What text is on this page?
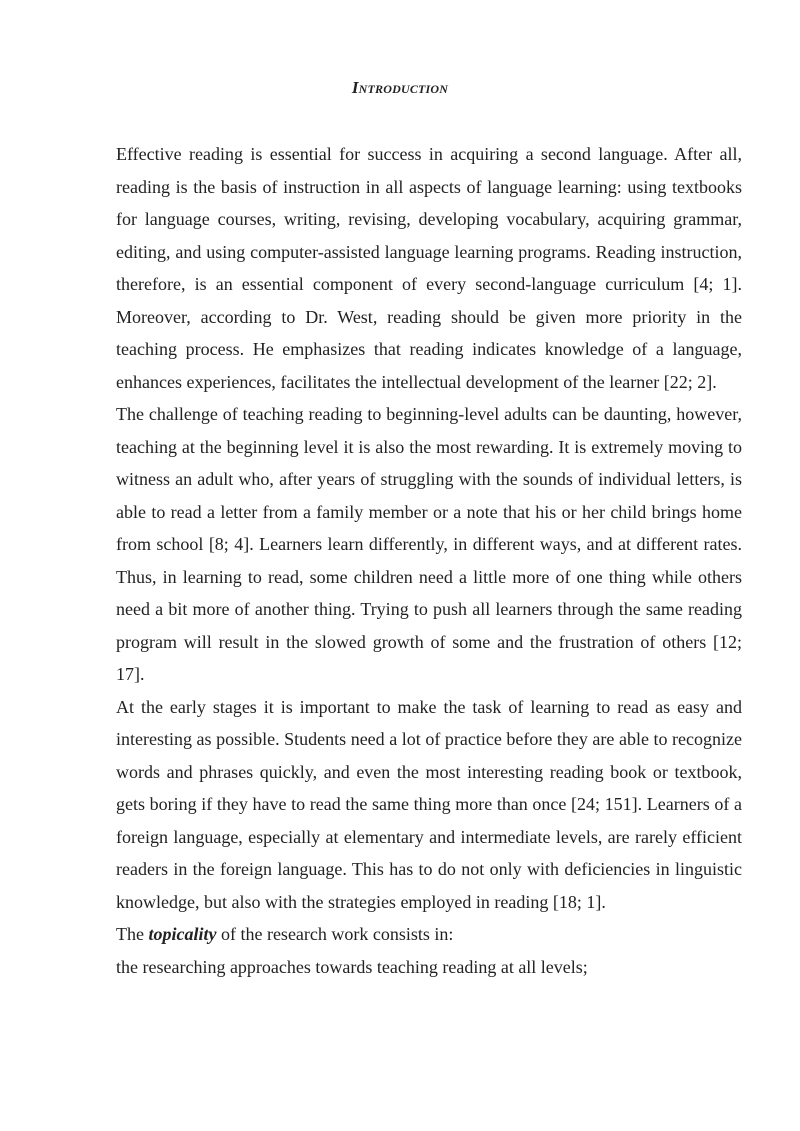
Introduction

Effective reading is essential for success in acquiring a second language. After all, reading is the basis of instruction in all aspects of language learning: using textbooks for language courses, writing, revising, developing vocabulary, acquiring grammar, editing, and using computer-assisted language learning programs. Reading instruction, therefore, is an essential component of every second-language curriculum [4; 1]. Moreover, according to Dr. West, reading should be given more priority in the teaching process. He emphasizes that reading indicates knowledge of a language, enhances experiences, facilitates the intellectual development of the learner [22; 2].

The challenge of teaching reading to beginning-level adults can be daunting, however, teaching at the beginning level it is also the most rewarding. It is extremely moving to witness an adult who, after years of struggling with the sounds of individual letters, is able to read a letter from a family member or a note that his or her child brings home from school [8; 4]. Learners learn differently, in different ways, and at different rates. Thus, in learning to read, some children need a little more of one thing while others need a bit more of another thing. Trying to push all learners through the same reading program will result in the slowed growth of some and the frustration of others [12; 17].

At the early stages it is important to make the task of learning to read as easy and interesting as possible. Students need a lot of practice before they are able to recognize words and phrases quickly, and even the most interesting reading book or textbook, gets boring if they have to read the same thing more than once [24; 151]. Learners of a foreign language, especially at elementary and intermediate levels, are rarely efficient readers in the foreign language. This has to do not only with deficiencies in linguistic knowledge, but also with the strategies employed in reading [18; 1].

The topicality of the research work consists in:

the researching approaches towards teaching reading at all levels;
